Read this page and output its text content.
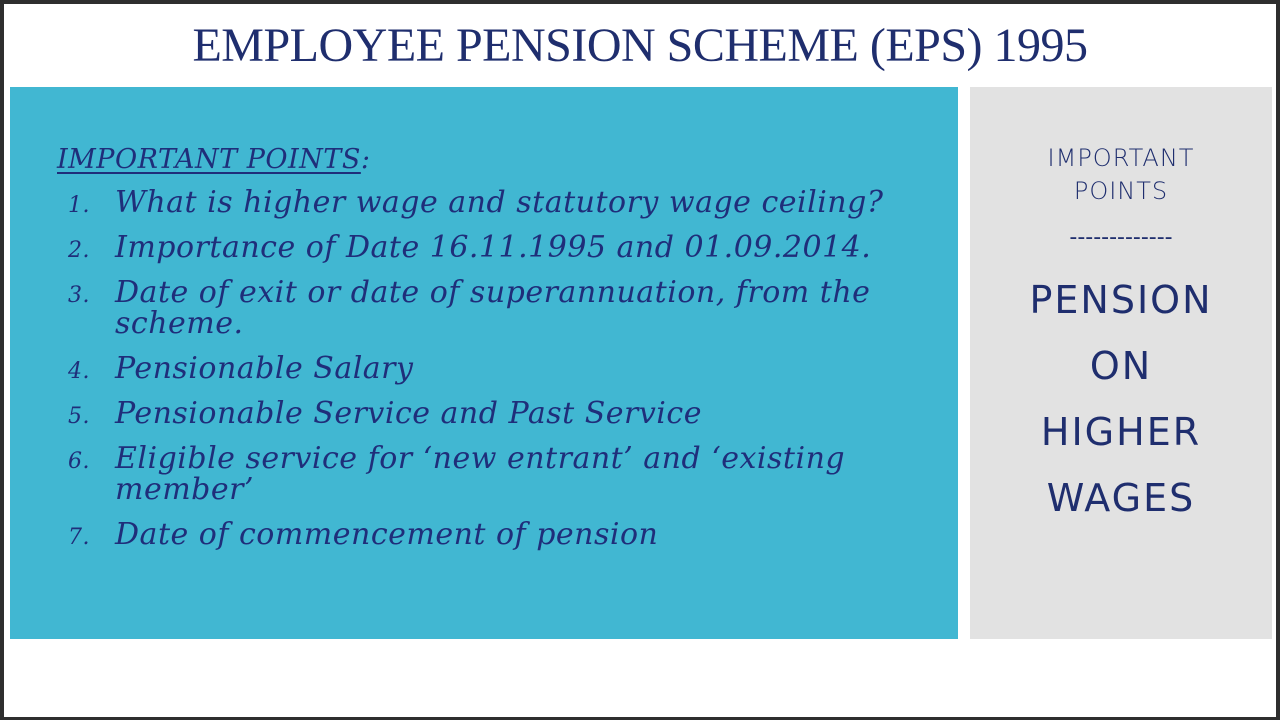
EMPLOYEE PENSION SCHEME (EPS) 1995
IMPORTANT POINTS:
1. What is higher wage and statutory wage ceiling?
2. Importance of Date 16.11.1995 and 01.09.2014.
3. Date of exit or date of superannuation, from the scheme.
4. Pensionable Salary
5. Pensionable Service and Past Service
6. Eligible service for ‘new entrant’ and ‘existing member’
7. Date of commencement of pension
IMPORTANT
POINTS
-------------
PENSION
ON
HIGHER
WAGES
